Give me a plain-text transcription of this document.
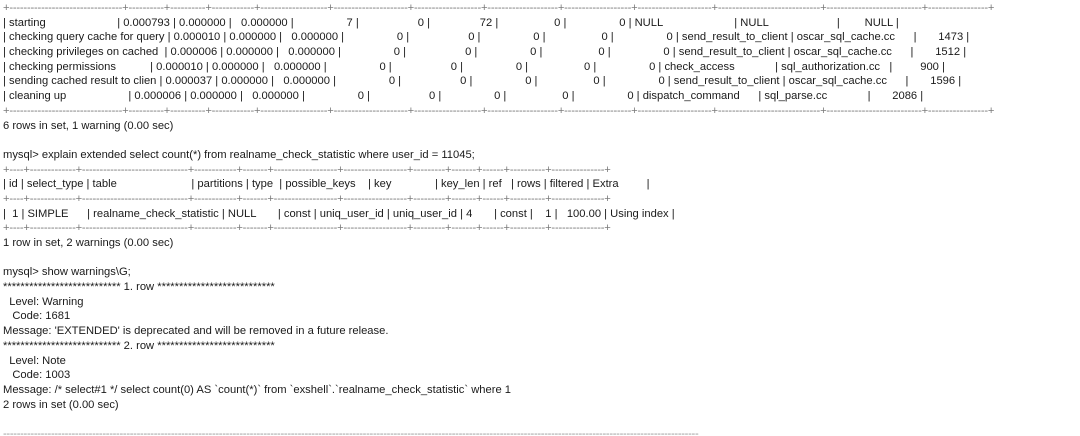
+--------------------------------+----------+----------+------------+-------------------+---------------------+-------------------+--------------------+-------------------+---------------------+-----------------------------+---------------------------+-----------------+
| starting                       | 0.000793 | 0.000000 |   0.000000 |                 7 |                   0 |                72 |                  0 |                 0 | NULL                       | NULL                      |        NULL |
| checking query cache for query | 0.000010 | 0.000000 |   0.000000 |                 0 |                   0 |                 0 |                  0 |                 0 | send_result_to_client | oscar_sql_cache.cc      |       1473 |
| checking privileges on cached  | 0.000006 | 0.000000 |   0.000000 |                 0 |                   0 |                 0 |                  0 |                 0 | send_result_to_client | oscar_sql_cache.cc      |       1512 |
| checking permissions           | 0.000010 | 0.000000 |   0.000000 |                 0 |                   0 |                 0 |                  0 |                 0 | check_access             | sql_authorization.cc   |         900 |
| sending cached result to clien | 0.000037 | 0.000000 |   0.000000 |                 0 |                   0 |                 0 |                  0 |                 0 | send_result_to_client | oscar_sql_cache.cc      |       1596 |
| cleaning up                    | 0.000006 | 0.000000 |   0.000000 |                 0 |                   0 |                 0 |                  0 |                 0 | dispatch_command      | sql_parse.cc             |       2086 |
+--------------------------------+----------+----------+------------+-------------------+---------------------+-------------------+--------------------+-------------------+---------------------+-----------------------------+---------------------------+-----------------+
6 rows in set, 1 warning (0.00 sec)
mysql> explain extended select count(*) from realname_check_statistic where user_id = 11045;
+----+-------------+------------------------------+------------+-------+------------------+------------------+---------+-------+------+----------+---------------+
| id | select_type | table                        | partitions | type  | possible_keys    | key              | key_len | ref   | rows | filtered | Extra         |
+----+-------------+------------------------------+------------+-------+------------------+------------------+---------+-------+------+----------+---------------+
|  1 | SIMPLE      | realname_check_statistic | NULL       | const | uniq_user_id | uniq_user_id | 4       | const |    1 |   100.00 | Using index |
+----+-------------+------------------------------+------------+-------+------------------+------------------+---------+-------+------+----------+---------------+
1 row in set, 2 warnings (0.00 sec)
mysql> show warnings\G;
*************************** 1. row ***************************
Level: Warning
Code: 1681
Message: 'EXTENDED' is deprecated and will be removed in a future release.
*************************** 2. row ***************************
Level: Note
Code: 1003
Message: /* select#1 */ select count(0) AS `count(*)` from `exshell`.`realname_check_statistic` where 1
2 rows in set (0.00 sec)
-----------------------------------------------------------------------------------------------------------------------------------------------------------------------------------------------------------
